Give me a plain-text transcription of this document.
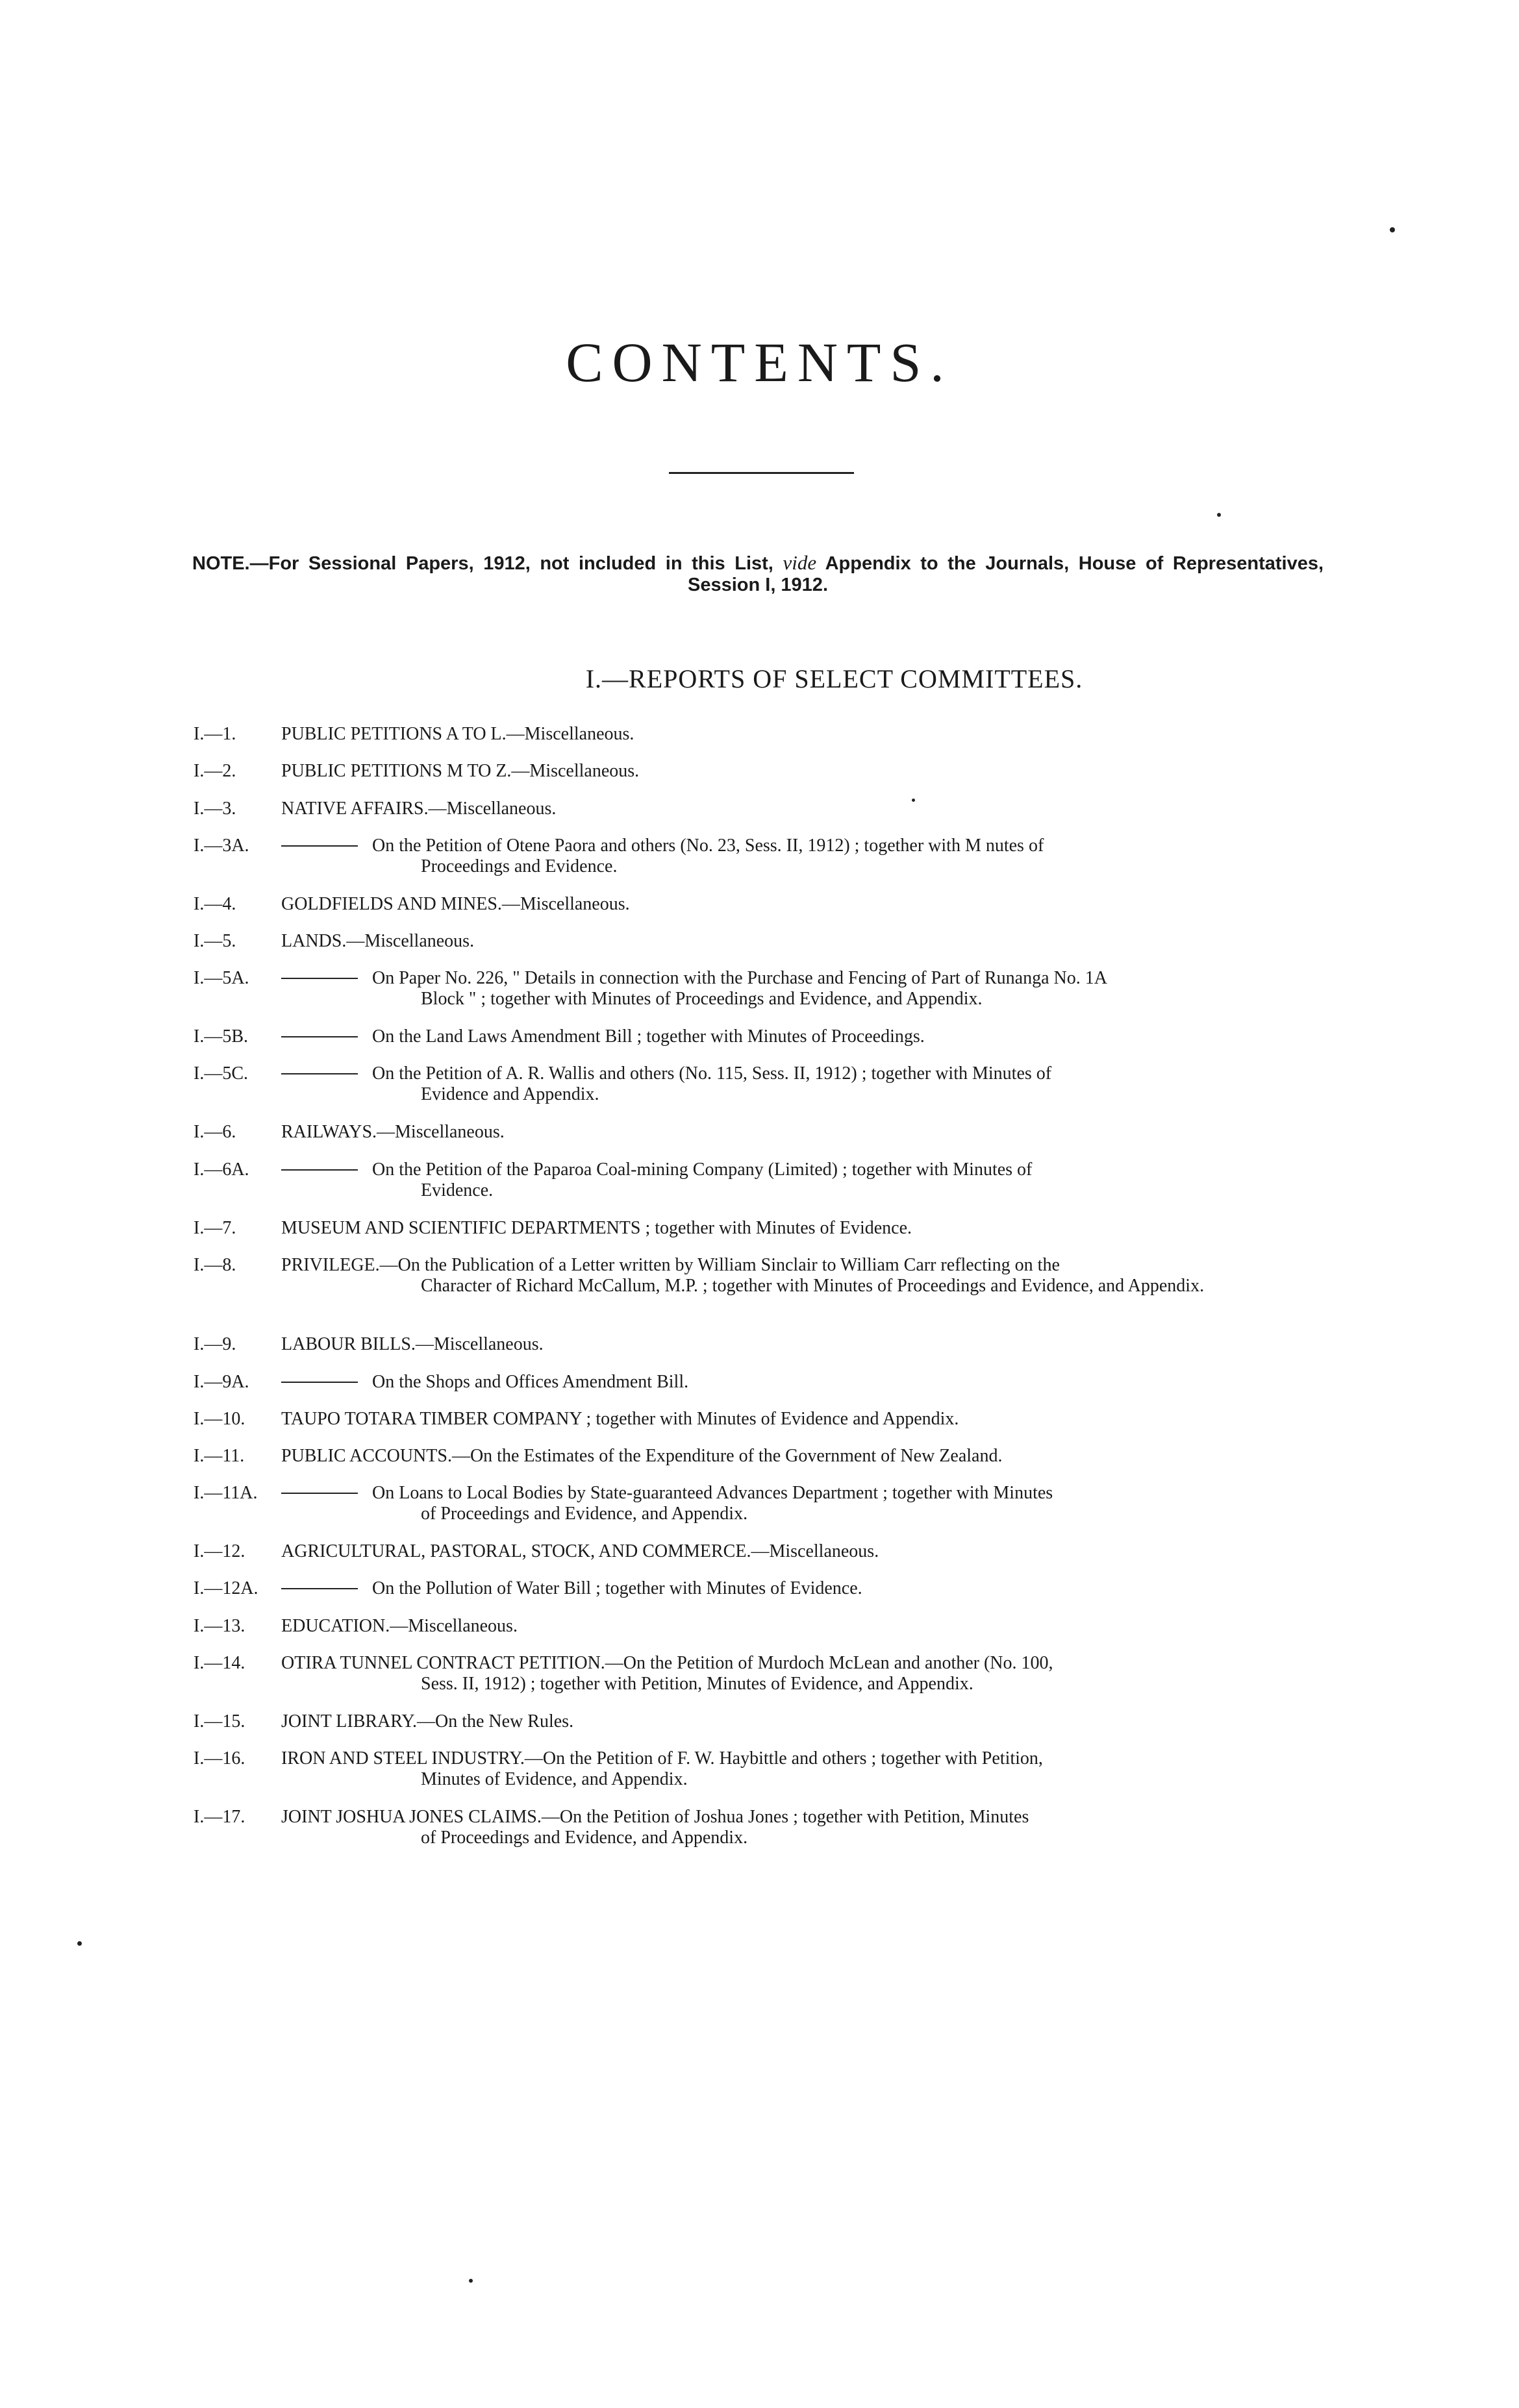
CONTENTS.
NOTE.—For Sessional Papers, 1912, not included in this List, vide Appendix to the Journals, House of Representatives, Session I, 1912.
I.—REPORTS OF SELECT COMMITTEES.
I.—1. PUBLIC PETITIONS A TO L.—Miscellaneous.
I.—2. PUBLIC PETITIONS M TO Z.—Miscellaneous.
I.—3. NATIVE AFFAIRS.—Miscellaneous.
I.—3A.	On the Petition of Otene Paora and others (No. 23, Sess. II, 1912) ; together with M nutes of
Proceedings and Evidence.
I.—4. GOLDFIELDS AND MINES.—Miscellaneous.
I.—5. LANDS.—Miscellaneous.
I.—5A.	On Paper No. 226, " Details in connection with the Purchase and Fencing of Part of Runanga No. 1A
Block " ; together with Minutes of Proceedings and Evidence, and Appendix.
I.—5B.	On the Land Laws Amendment Bill ; together with Minutes of Proceedings.
I.—5C.	On the Petition of A. R. Wallis and others (No. 115, Sess. II, 1912) ; together with Minutes of
Evidence and Appendix.
I.—6. RAILWAYS.—Miscellaneous.
I.—6A.	On the Petition of the Paparoa Coal-mining Company (Limited) ; together with Minutes of
Evidence.
I.—7. MUSEUM AND SCIENTIFIC DEPARTMENTS ; together with Minutes of Evidence.
I.—8. PRIVILEGE.—On the Publication of a Letter written by William Sinclair to William Carr reflecting on the
Character of Richard McCallum, M.P. ; together with Minutes of Proceedings and Evidence, and Appendix.
I.—9. LABOUR BILLS.—Miscellaneous.
I.—9A.	On the Shops and Offices Amendment Bill.
I.—10. TAUPO TOTARA TIMBER COMPANY ; together with Minutes of Evidence and Appendix.
I.—11. PUBLIC ACCOUNTS.—On the Estimates of the Expenditure of the Government of New Zealand.
I.—11A.	On Loans to Local Bodies by State-guaranteed Advances Department ; together with Minutes
of Proceedings and Evidence, and Appendix.
I.—12. AGRICULTURAL, PASTORAL, STOCK, AND COMMERCE.—Miscellaneous.
I.—12A.	On the Pollution of Water Bill ; together with Minutes of Evidence.
I.—13. EDUCATION.—Miscellaneous.
I.—14. OTIRA TUNNEL CONTRACT PETITION.—On the Petition of Murdoch McLean and another (No. 100,
Sess. II, 1912) ; together with Petition, Minutes of Evidence, and Appendix.
I.—15. JOINT LIBRARY.—On the New Rules.
I.—16. IRON AND STEEL INDUSTRY.—On the Petition of F. W. Haybittle and others ; together with Petition,
Minutes of Evidence, and Appendix.
I.—17. JOINT JOSHUA JONES CLAIMS.—On the Petition of Joshua Jones ; together with Petition, Minutes
of Proceedings and Evidence, and Appendix.
